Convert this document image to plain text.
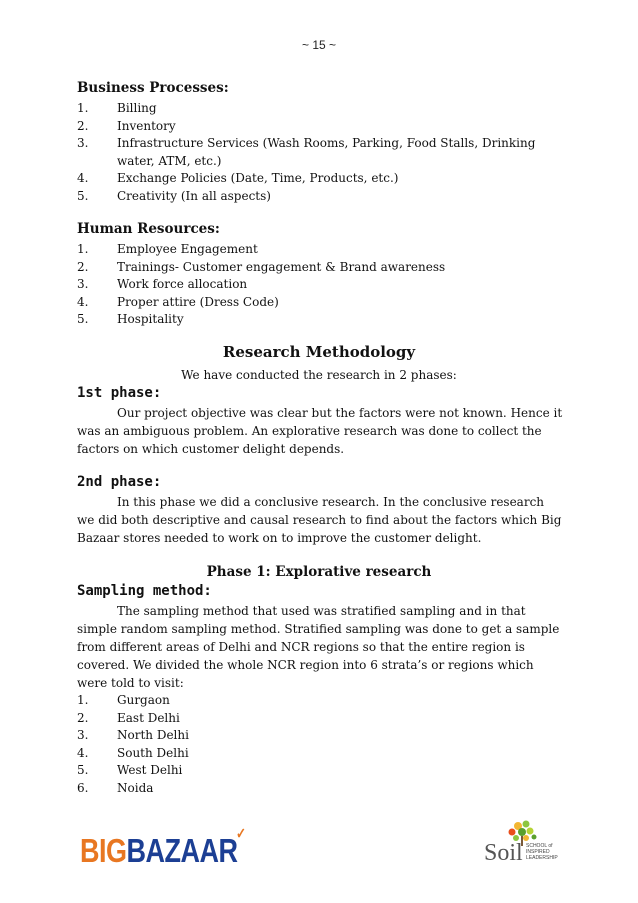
~ 15 ~
Business Processes:
1.	Billing
2.	Inventory
3.	Infrastructure Services (Wash Rooms, Parking, Food Stalls, Drinking water, ATM, etc.)
4.	Exchange Policies (Date, Time, Products, etc.)
5.	Creativity (In all aspects)
Human Resources:
1.	Employee Engagement
2.	Trainings- Customer engagement & Brand awareness
3.	Work force allocation
4.	Proper attire (Dress Code)
5.	Hospitality
Research Methodology
We have conducted the research in 2 phases:
1st phase:
Our project objective was clear but the factors were not known. Hence it was an ambiguous problem. An explorative research was done to collect the factors on which customer delight depends.
2nd phase:
In this phase we did a conclusive research. In the conclusive research we did both descriptive and causal research to find about the factors which Big Bazaar stores needed to work on to improve the customer delight.
Phase 1: Explorative research
Sampling method:
The sampling method that used was stratified sampling and in that simple random sampling method. Stratified sampling was done to get a sample from different areas of Delhi and NCR regions so that the entire region is covered. We divided the whole NCR region into 6 strata’s or regions which were told to visit:
1.	Gurgaon
2.	East Delhi
3.	North Delhi
4.	South Delhi
5.	West Delhi
6.	Noida
BIGBAZAAR
✓
Soil SCHOOL of INSPIRED LEADERSHIP
